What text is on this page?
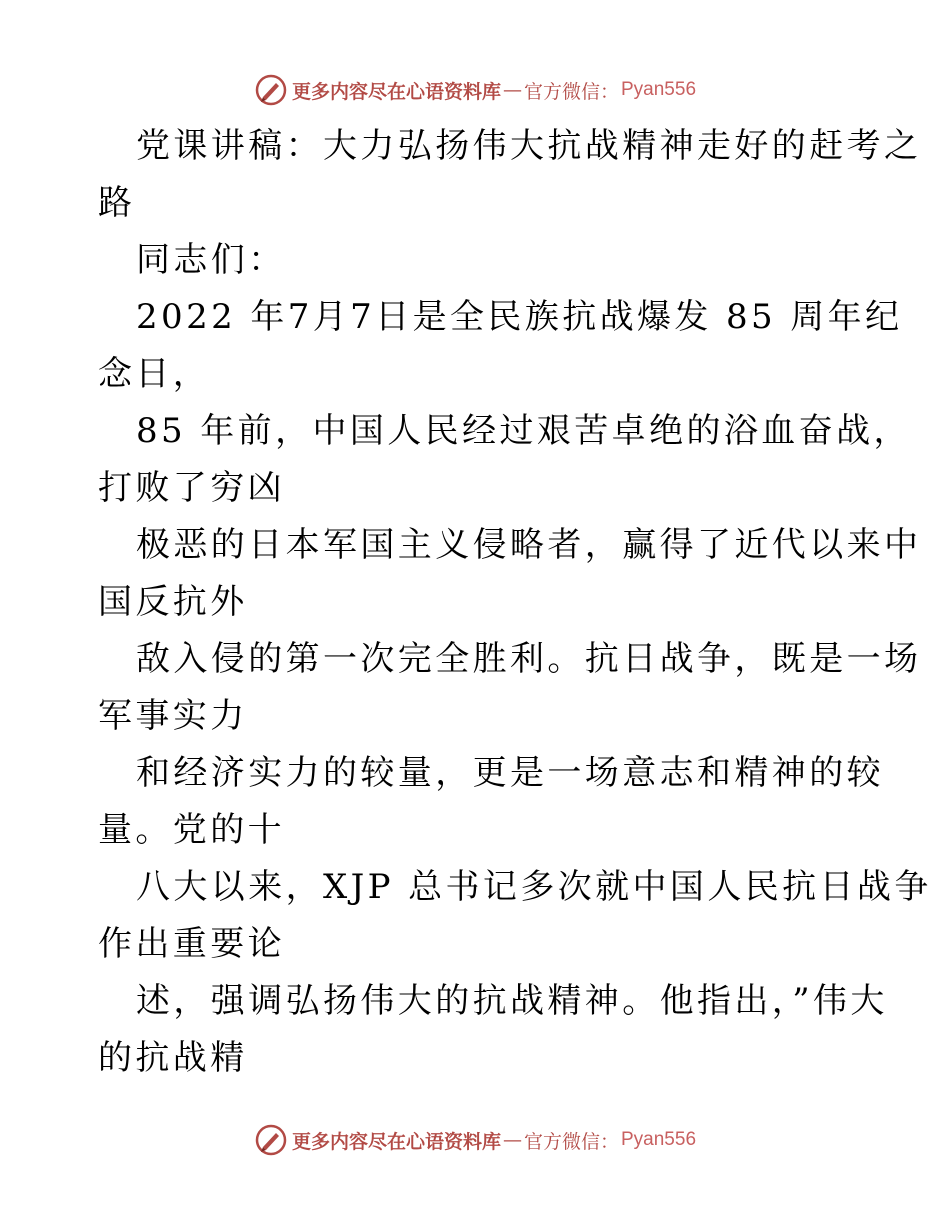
更多内容尽在心语资料库 — 官方微信： Pyan556
党课讲稿：大力弘扬伟大抗战精神走好的赶考之
路
同志们：
2022 年7月7日是全民族抗战爆发 85 周年纪
念日，
85 年前，中国人民经过艰苦卓绝的浴血奋战，
打败了穷凶
极恶的日本军国主义侵略者，赢得了近代以来中
国反抗外
敌入侵的第一次完全胜利。抗日战争，既是一场
军事实力
和经济实力的较量，更是一场意志和精神的较
量。党的十
八大以来，XJP 总书记多次就中国人民抗日战争
作出重要论
述，强调弘扬伟大的抗战精神。他指出，”伟大
的抗战精
更多内容尽在心语资料库 — 官方微信： Pyan556
